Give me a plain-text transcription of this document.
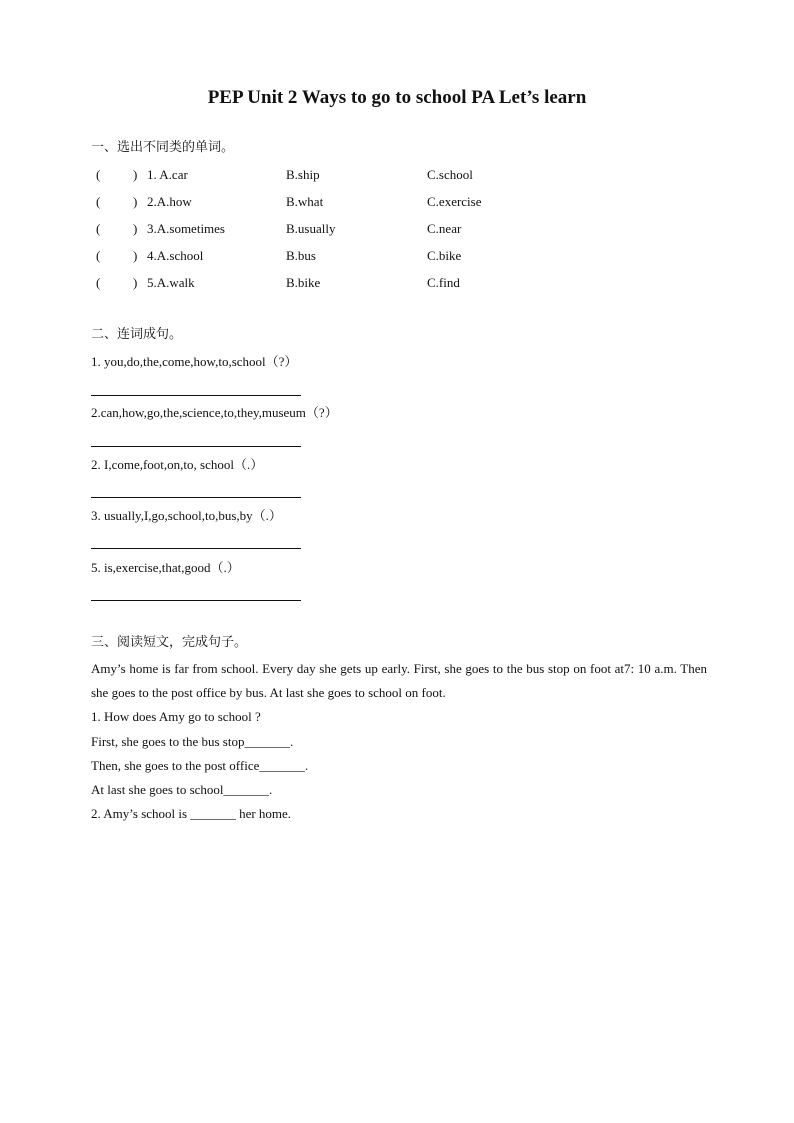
PEP Unit 2 Ways to go to school PA Let’s learn
一、选出不同类的单词。
(	) 1. A.car	B.ship	C.school
(	) 2.A.how	B.what	C.exercise
(	) 3.A.sometimes	B.usually	C.near
(	) 4.A.school	B.bus	C.bike
(	) 5.A.walk	B.bike	C.find
二、连词成句。
1. you,do,the,come,how,to,school（?）
2.can,how,go,the,science,to,they,museum（?）
2. I,come,foot,on,to, school（.）
3. usually,I,go,school,to,bus,by（.）
5. is,exercise,that,good（.）
三、阅读短文，完成句子。
Amy’s home is far from school. Every day she gets up early. First, she goes to the bus stop on foot at7: 10 a.m. Then she goes to the post office by bus. At last she goes to school on foot.
1. How does Amy go to school ?
First, she goes to the bus stop_______.
Then, she goes to the post office_______.
At last she goes to school_______.
2. Amy’s school is _______ her home.
